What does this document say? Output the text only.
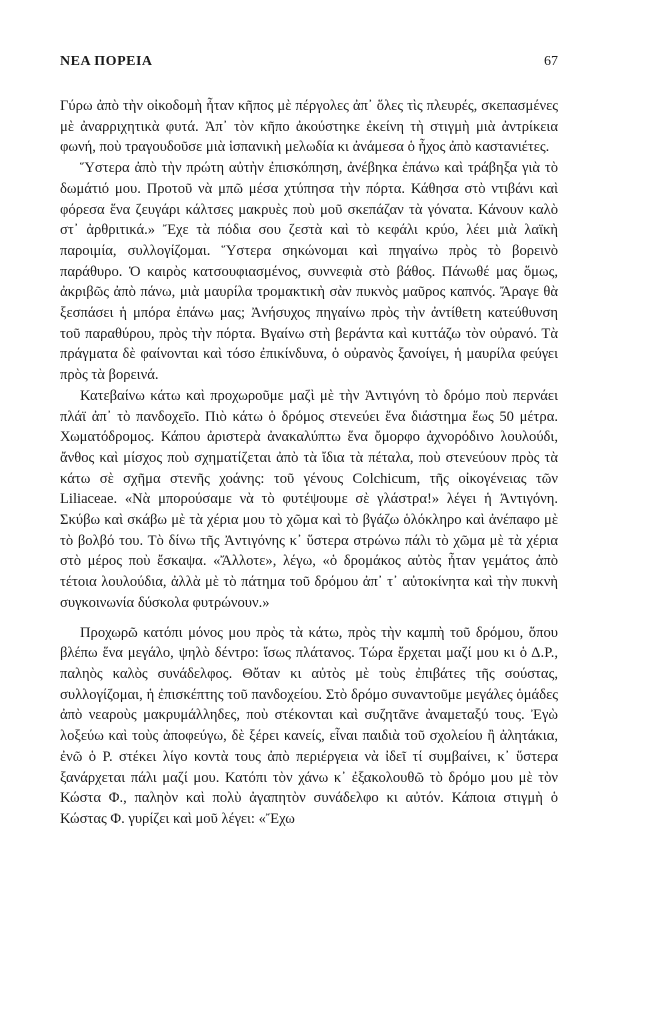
ΝΕΑ ΠΟΡΕΙΑ	67

Γύρω ἀπὸ τὴν οἰκοδομὴ ἦταν κῆπος μὲ πέργολες ἀπ᾽ ὅλες τὶς πλευρές, σκεπασμένες μὲ ἀναρριχητικὰ φυτά. Ἀπ᾽ τὸν κῆπο ἀκούστηκε ἐκείνη τὴ στιγμὴ μιὰ ἀντρίκεια φωνή, ποὺ τραγουδοῦσε μιὰ ἱσπανικὴ μελωδία κι ἀνάμεσα ὁ ἦχος ἀπὸ καστανιέτες.

Ὕστερα ἀπὸ τὴν πρώτη αὐτὴν ἐπισκόπηση, ἀνέβηκα ἐπάνω καὶ τράβηξα γιὰ τὸ δωμάτιό μου. Προτοῦ νὰ μπῶ μέσα χτύπησα τὴν πόρτα. Κάθησα στὸ ντιβάνι καὶ φόρεσα ἕνα ζευγάρι κάλτσες μακρυὲς ποὺ μοῦ σκεπάζαν τὰ γόνατα. Κάνουν καλὸ στ᾽ ἀρθριτικά.» Ἔχε τὰ πόδια σου ζεστὰ καὶ τὸ κεφάλι κρύο, λέει μιὰ λαϊκὴ παροιμία, συλλογίζομαι. Ὕστερα σηκώνομαι καὶ πηγαίνω πρὸς τὸ βορεινὸ παράθυρο. Ὁ καιρὸς κατσουφιασμένος, συννεφιὰ στὸ βάθος. Πάνωθέ μας ὅμως, ἀκριβῶς ἀπὸ πάνω, μιὰ μαυρίλα τρομακτικὴ σὰν πυκνὸς μαῦρος καπνός. Ἄραγε θὰ ξεσπάσει ἡ μπόρα ἐπάνω μας; Ἀνήσυχος πηγαίνω πρὸς τὴν ἀντίθετη κατεύθυνση τοῦ παραθύρου, πρὸς τὴν πόρτα. Βγαίνω στὴ βεράντα καὶ κυττάζω τὸν οὐρανό. Τὰ πράγματα δὲ φαίνονται καὶ τόσο ἐπικίνδυνα, ὁ οὐρανὸς ξανοίγει, ἡ μαυρίλα φεύγει πρὸς τὰ βορεινά.

Κατεβαίνω κάτω καὶ προχωροῦμε μαζὶ μὲ τὴν Ἀντιγόνη τὸ δρόμο ποὺ περνάει πλάϊ ἀπ᾽ τὸ πανδοχεῖο. Πιὸ κάτω ὁ δρόμος στενεύει ἕνα διάστημα ἕως 50 μέτρα. Χωματόδρομος. Κάπου ἀριστερὰ ἀνακαλύπτω ἕνα ὄμορφο ἀχνορόδινο λουλούδι, ἄνθος καὶ μίσχος ποὺ σχηματίζεται ἀπὸ τὰ ἴδια τὰ πέταλα, ποὺ στενεύουν πρὸς τὰ κάτω σὲ σχῆμα στενῆς χοάνης: τοῦ γένους Colchicum, τῆς οἰκογένειας τῶν Liliaceae. «Νὰ μπορούσαμε νὰ τὸ φυτέψουμε σὲ γλάστρα!» λέγει ἡ Ἀντιγόνη. Σκύβω καὶ σκάβω μὲ τὰ χέρια μου τὸ χῶμα καὶ τὸ βγάζω ὁλόκληρο καὶ ἀνέπαφο μὲ τὸ βολβό του. Τὸ δίνω τῆς Ἀντιγόνης κ᾽ ὕστερα στρώνω πάλι τὸ χῶμα μὲ τὰ χέρια στὸ μέρος ποὺ ἔσκαψα. «Ἄλλοτε», λέγω, «ὁ δρομάκος αὐτὸς ἦταν γεμάτος ἀπὸ τέτοια λουλούδια, ἀλλὰ μὲ τὸ πάτημα τοῦ δρόμου ἀπ᾽ τ᾽ αὐτοκίνητα καὶ τὴν πυκνὴ συγκοινωνία δύσκολα φυτρώνουν.»

Προχωρῶ κατόπι μόνος μου πρὸς τὰ κάτω, πρὸς τὴν καμπὴ τοῦ δρόμου, ὅπου βλέπω ἕνα μεγάλο, ψηλὸ δέντρο: ἴσως πλάτανος. Τώρα ἔρχεται μαζί μου κι ὁ Δ.Ρ., παληὸς καλὸς συνάδελφος. Θὄταν κι αὐτὸς μὲ τοὺς ἐπιβάτες τῆς σούστας, συλλογίζομαι, ἡ ἐπισκέπτης τοῦ πανδοχείου. Στὸ δρόμο συναντοῦμε μεγάλες ὁμάδες ἀπὸ νεαροὺς μακρυμάλληδες, ποὺ στέκονται καὶ συζητᾶνε ἀναμεταξύ τους. Ἐγὼ λοξεύω καὶ τοὺς ἀποφεύγω, δὲ ξέρει κανείς, εἶναι παιδιὰ τοῦ σχολείου ἢ ἀλητάκια, ἐνῶ ὁ Ρ. στέκει λίγο κοντὰ τους ἀπὸ περιέργεια νὰ ἰδεῖ τί συμβαίνει, κ᾽ ὕστερα ξανάρχεται πάλι μαζί μου. Κατόπι τὸν χάνω κ᾽ ἐξακολουθῶ τὸ δρόμο μου μὲ τὸν Κώστα Φ., παληὸν καὶ πολὺ ἀγαπητὸν συνάδελφο κι αὐτόν. Κάποια στιγμὴ ὁ Κώστας Φ. γυρίζει καὶ μοῦ λέγει: «Ἔχω
